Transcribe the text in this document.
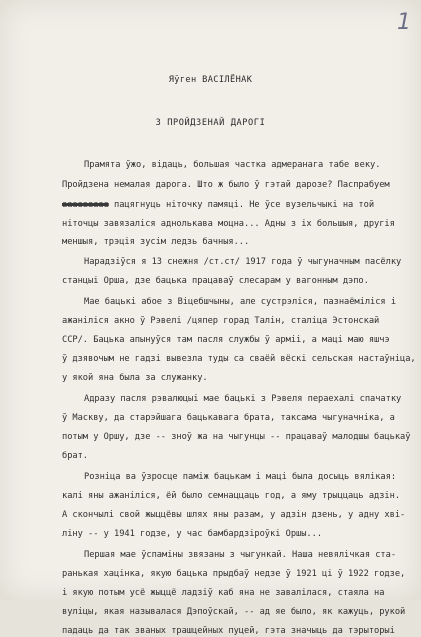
1
Яўген ВАСІЛЁНАК
З ПРОЙДЗЕНАЙ ДАРОГІ
Прамята ўжо, відаць, большая частка адмеранага табе веку.
Пройдзена немалая дарога. Што ж было ў гэтай дарозе? Паспрабуем
ааааааааа пацягнуць ніточку памяці. Не ўсе вузельчыкі на той
ніточцы завязаліся аднолькава моцна... Адны з іх большыя, другія
меншыя, трэція зусім ледзь бачныя...
Нарадзіўся я 13 снежня /ст.ст/ 1917 года ў чыгуначным пасёлку
станцыі Орша, дзе бацька працаваў слесарам у вагонным дэпо.
Мае бацькі абое з Віцебшчыны, але сустрэліся, пазнаёміліся і
ажаніліся акно ў Рэвелі /цяпер горад Талін, сталіца Эстонскай
ССР/. Бацька апынуўся там пасля службы ў арміі, а маці маю яшчэ
ў дзявочым не гадзі вывезла туды са сваёй вёскі сельская настаўніца,
у якой яна была за служанку.
Адразу пасля рэвалюцыі мае бацькі з Рэвеля пераехалі спачатку
ў Маскву, да старэйшага бацькавага брата, таксама чыгуначніка, а
потым у Оршу, дзе -- зноў жа на чыгунцы -- працаваў малодшы бацькаў
брат.
Розніца ва ўзросце паміж бацькам і маці была досыць вялікая:
калі яны ажаніліся, ёй было семнаццаць год, а яму трыццаць адзін.
А скончылі свой жыццёвы шлях яны разам, у адзін дзень, у адну хві-
ліну -- у 1941 годзе, у час бамбардзіроўкі Оршы...
Першая мае ўспаміны звязаны з чыгункай. Наша невялічкая ста-
ранькая хацінка, якую бацька прыдбаў недзе ў 1921 ці ў 1922 годзе,
і якую потым усё жыццё ладзіў каб яна не завалілася, стаяла на
вуліцы, якая называлася Дэпоўскай, -- ад яе было, як кажуць, рукой
падаць да так званых трашцейных пуцей, гэта значыць да тэрыторыі
